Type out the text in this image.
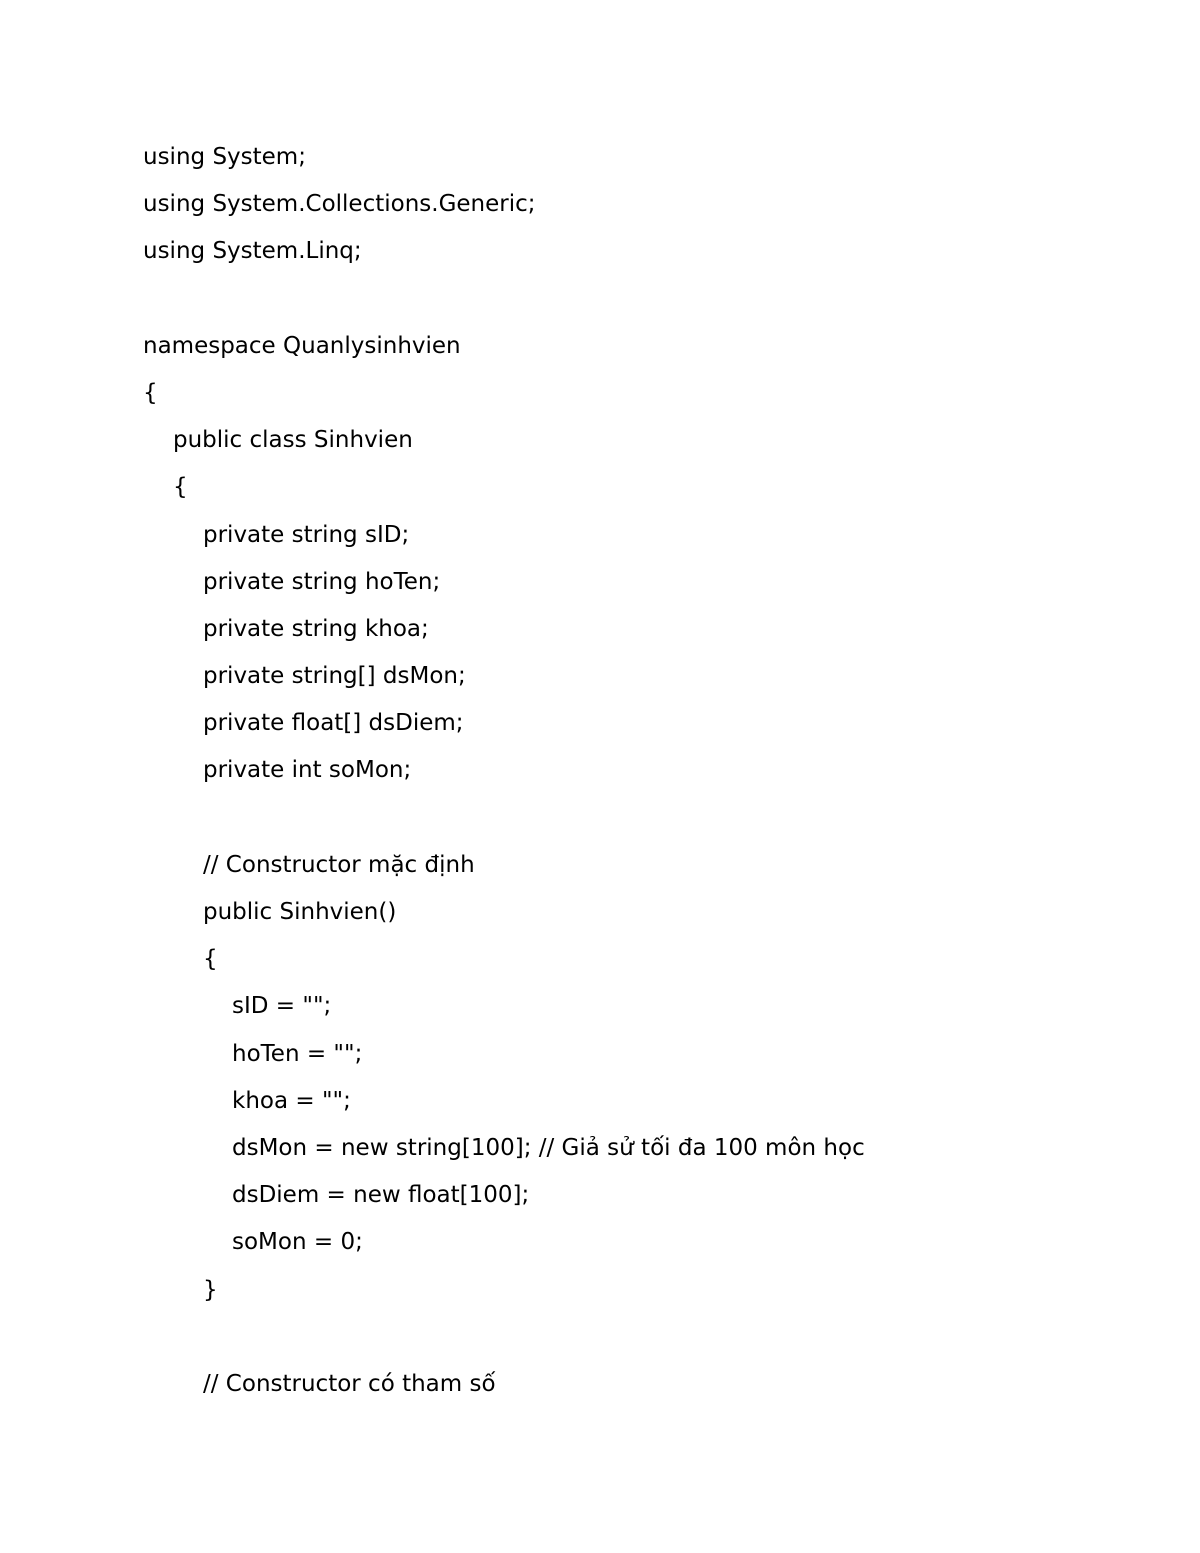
using System;
using System.Collections.Generic;
using System.Linq;
namespace Quanlysinhvien
{
public class Sinhvien
{
private string sID;
private string hoTen;
private string khoa;
private string[] dsMon;
private float[] dsDiem;
private int soMon;
// Constructor mặc định
public Sinhvien()
{
sID = "";
hoTen = "";
khoa = "";
dsMon = new string[100]; // Giả sử tối đa 100 môn học
dsDiem = new float[100];
soMon = 0;
}
// Constructor có tham số
